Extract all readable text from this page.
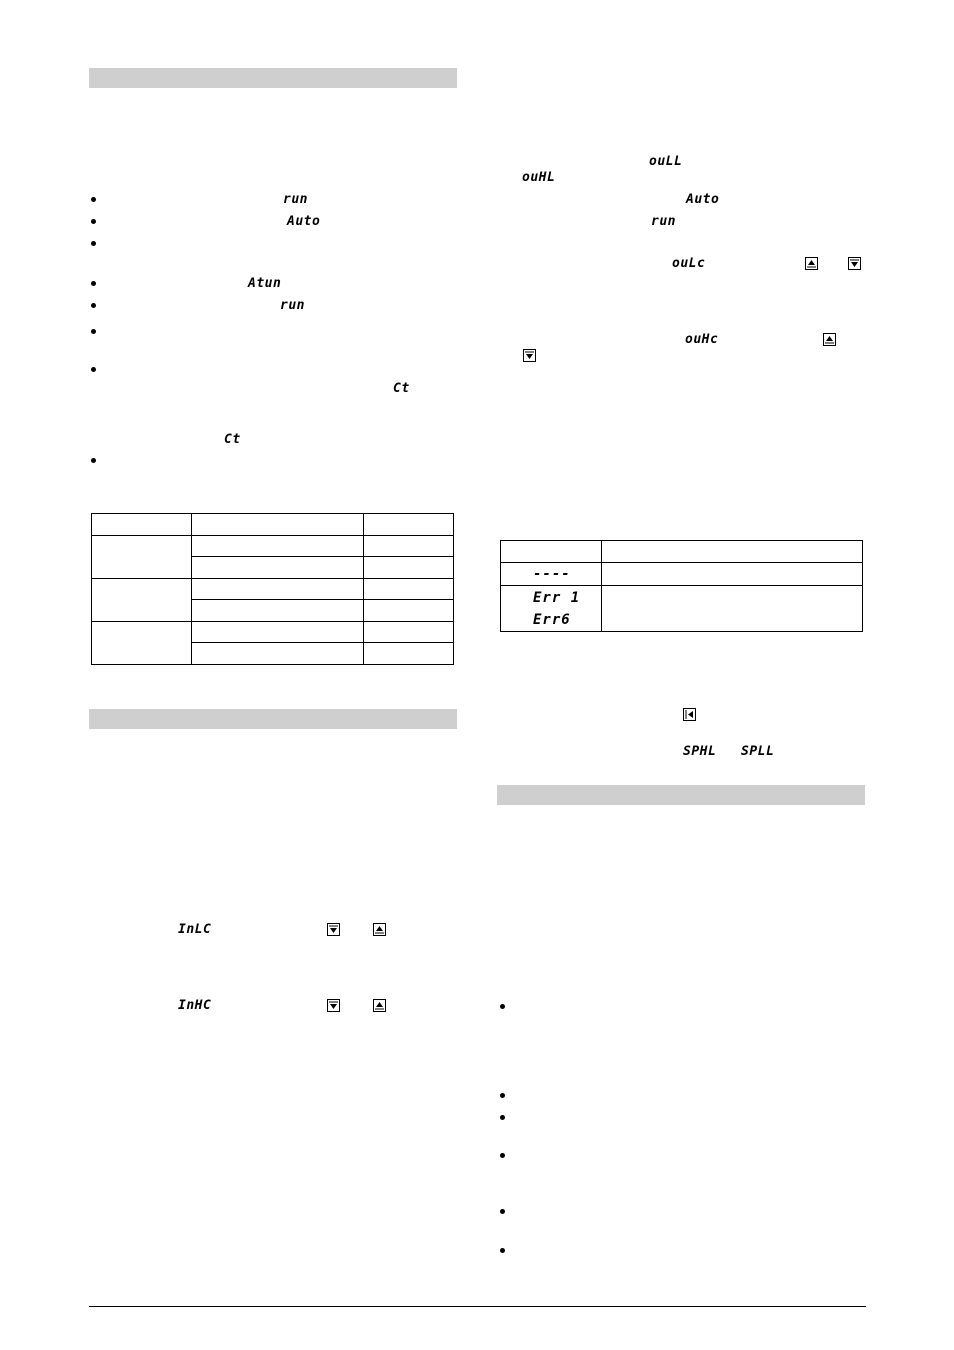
run
Auto
Atun
run
Ct
Ct

InLC
InHC
ouLL
ouHL
Auto
run
ouLc
ouHc

----	

Err 1
Err6	

SPHL SPLL
